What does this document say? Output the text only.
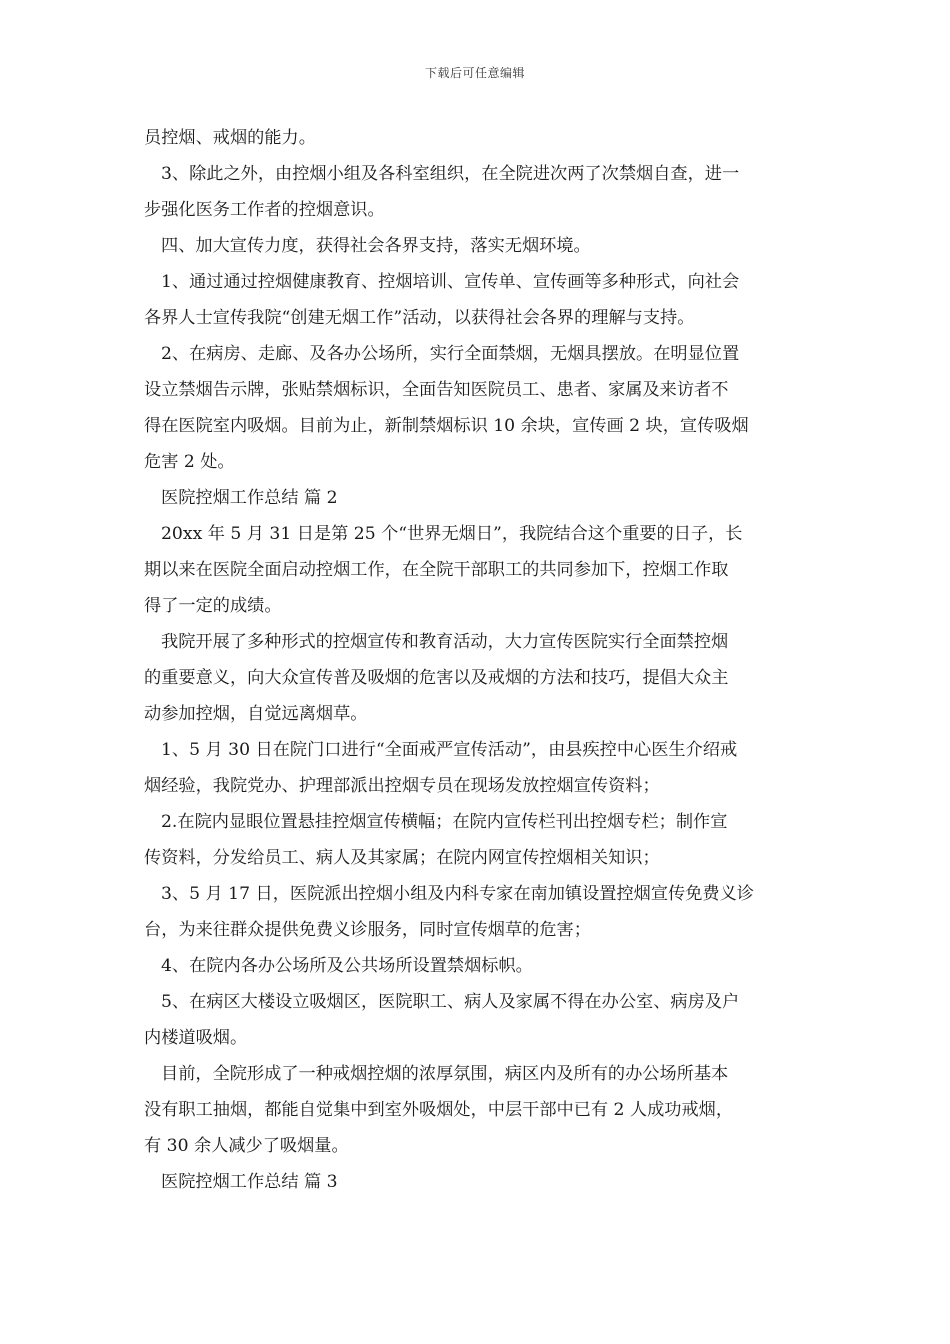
下载后可任意编辑
员控烟、戒烟的能力。
3、除此之外，由控烟小组及各科室组织，在全院进次两了次禁烟自查，进一
步强化医务工作者的控烟意识。
四、加大宣传力度，获得社会各界支持，落实无烟环境。
1、通过通过控烟健康教育、控烟培训、宣传单、宣传画等多种形式，向社会
各界人士宣传我院“创建无烟工作”活动，以获得社会各界的理解与支持。
2、在病房、走廊、及各办公场所，实行全面禁烟，无烟具摆放。在明显位置
设立禁烟告示牌，张贴禁烟标识，全面告知医院员工、患者、家属及来访者不
得在医院室内吸烟。目前为止，新制禁烟标识 10 余块，宣传画 2 块，宣传吸烟
危害 2 处。
医院控烟工作总结 篇 2
20xx 年 5 月 31 日是第 25 个“世界无烟日”，我院结合这个重要的日子，长
期以来在医院全面启动控烟工作，在全院干部职工的共同参加下，控烟工作取
得了一定的成绩。
我院开展了多种形式的控烟宣传和教育活动，大力宣传医院实行全面禁控烟
的重要意义，向大众宣传普及吸烟的危害以及戒烟的方法和技巧，提倡大众主
动参加控烟，自觉远离烟草。
1、5 月 30 日在院门口进行“全面戒严宣传活动”，由县疾控中心医生介绍戒
烟经验，我院党办、护理部派出控烟专员在现场发放控烟宣传资料；
2.在院内显眼位置悬挂控烟宣传横幅；在院内宣传栏刊出控烟专栏；制作宣
传资料，分发给员工、病人及其家属；在院内网宣传控烟相关知识；
3、5 月 17 日，医院派出控烟小组及内科专家在南加镇设置控烟宣传免费义诊
台，为来往群众提供免费义诊服务，同时宣传烟草的危害；
4、在院内各办公场所及公共场所设置禁烟标帜。
5、在病区大楼设立吸烟区，医院职工、病人及家属不得在办公室、病房及户
内楼道吸烟。
目前，全院形成了一种戒烟控烟的浓厚氛围，病区内及所有的办公场所基本
没有职工抽烟，都能自觉集中到室外吸烟处，中层干部中已有 2 人成功戒烟，
有 30 余人减少了吸烟量。
医院控烟工作总结 篇 3
